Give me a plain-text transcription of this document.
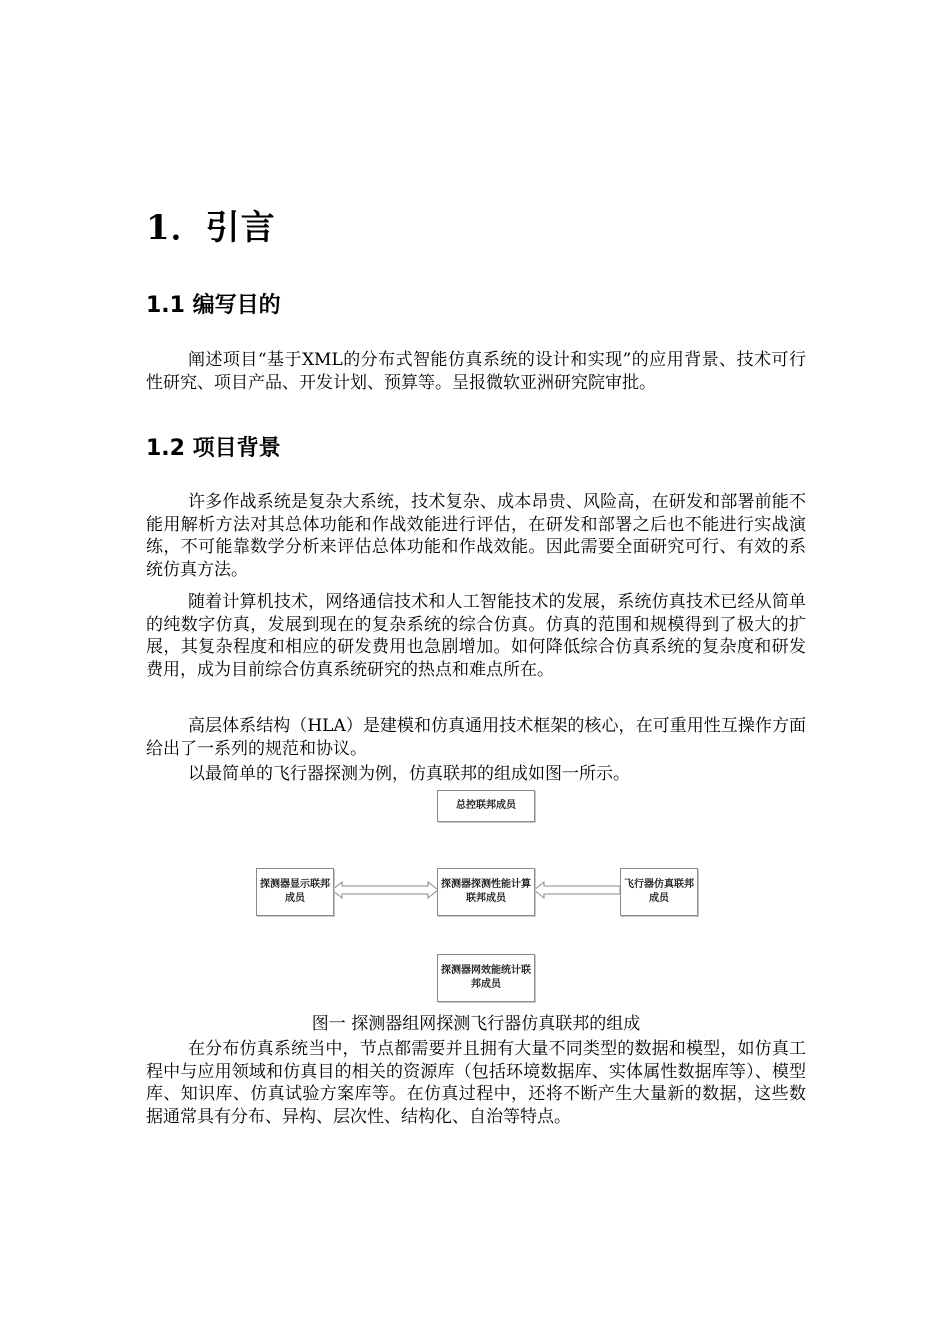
1．引言
1.1 编写目的
阐述项目“基于XML的分布式智能仿真系统的设计和实现”的应用背景、技术可行性研究、项目产品、开发计划、预算等。呈报微软亚洲研究院审批。
1.2 项目背景
许多作战系统是复杂大系统，技术复杂、成本昂贵、风险高，在研发和部署前能不能用解析方法对其总体功能和作战效能进行评估，在研发和部署之后也不能进行实战演练，不可能靠数学分析来评估总体功能和作战效能。因此需要全面研究可行、有效的系统仿真方法。
随着计算机技术，网络通信技术和人工智能技术的发展，系统仿真技术已经从简单的纯数字仿真，发展到现在的复杂系统的综合仿真。仿真的范围和规模得到了极大的扩展，其复杂程度和相应的研发费用也急剧增加。如何降低综合仿真系统的复杂度和研发费用，成为目前综合仿真系统研究的热点和难点所在。
高层体系结构（HLA）是建模和仿真通用技术框架的核心，在可重用性互操作方面给出了一系列的规范和协议。
以最简单的飞行器探测为例，仿真联邦的组成如图一所示。
总控联邦成员
探测器显示联邦成员
探测器探测性能计算联邦成员
飞行器仿真联邦成员
探测器网效能统计联邦成员
图一 探测器组网探测飞行器仿真联邦的组成
在分布仿真系统当中，节点都需要并且拥有大量不同类型的数据和模型，如仿真工程中与应用领域和仿真目的相关的资源库（包括环境数据库、实体属性数据库等）、模型库、知识库、仿真试验方案库等。在仿真过程中，还将不断产生大量新的数据，这些数据通常具有分布、异构、层次性、结构化、自治等特点。
